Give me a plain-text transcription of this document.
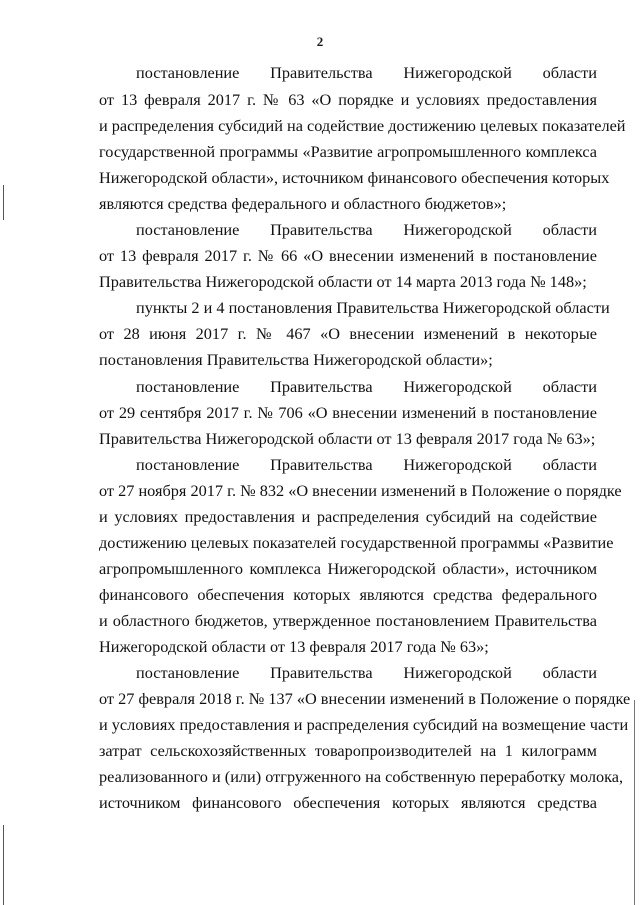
2
постановление Правительства Нижегородской области
от 13 февраля 2017 г. № 63 «О порядке и условиях предоставления
и распределения субсидий на содействие достижению целевых показателей
государственной программы «Развитие агропромышленного комплекса
Нижегородской области», источником финансового обеспечения которых
являются средства федерального и областного бюджетов»;
постановление Правительства Нижегородской области
от 13 февраля 2017 г. № 66 «О внесении изменений в постановление
Правительства Нижегородской области от 14 марта 2013 года № 148»;
пункты 2 и 4 постановления Правительства Нижегородской области
от 28 июня 2017 г. № 467 «О внесении изменений в некоторые
постановления Правительства Нижегородской области»;
постановление Правительства Нижегородской области
от 29 сентября 2017 г. № 706 «О внесении изменений в постановление
Правительства Нижегородской области от 13 февраля 2017 года № 63»;
постановление Правительства Нижегородской области
от 27 ноября 2017 г. № 832 «О внесении изменений в Положение о порядке
и условиях предоставления и распределения субсидий на содействие
достижению целевых показателей государственной программы «Развитие
агропромышленного комплекса Нижегородской области», источником
финансового обеспечения которых являются средства федерального
и областного бюджетов, утвержденное постановлением Правительства
Нижегородской области от 13 февраля 2017 года № 63»;
постановление Правительства Нижегородской области
от 27 февраля 2018 г. № 137 «О внесении изменений в Положение о порядке
и условиях предоставления и распределения субсидий на возмещение части
затрат сельскохозяйственных товаропроизводителей на 1 килограмм
реализованного и (или) отгруженного на собственную переработку молока,
источником финансового обеспечения которых являются средства
